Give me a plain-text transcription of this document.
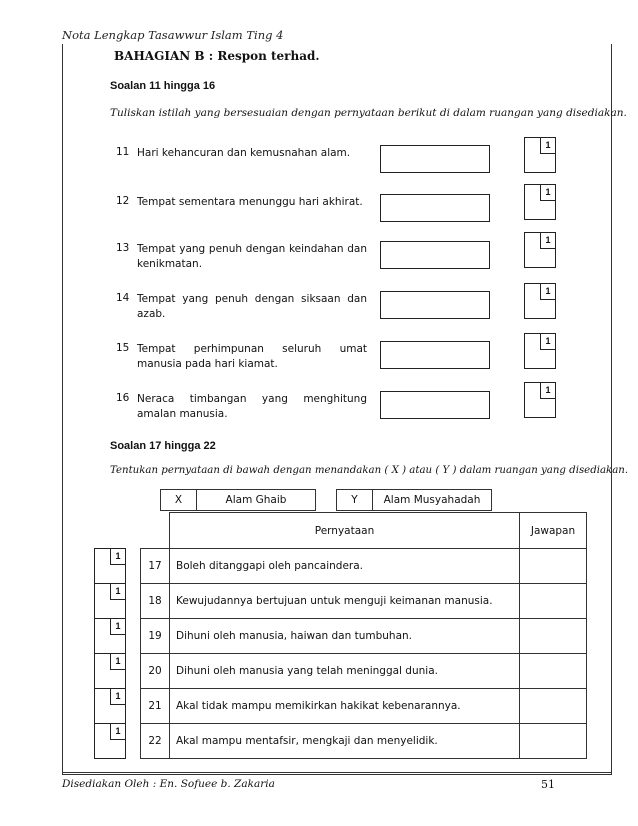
Nota Lengkap Tasawwur Islam Ting 4
BAHAGIAN B : Respon terhad.
Soalan 11 hingga 16
Tuliskan istilah yang bersesuaian dengan pernyataan berikut di dalam ruangan yang disediakan.
11 Hari kehancuran dan kemusnahan alam.
1
12 Tempat sementara menunggu hari akhirat.
1
13 Tempat yang penuh dengan keindahan dan kenikmatan.
1
14 Tempat yang penuh dengan siksaan dan azab.
1
15 Tempat perhimpunan seluruh umat manusia pada hari kiamat.
1
16 Neraca timbangan yang menghitung amalan manusia.
1
Soalan 17 hingga 22
Tentukan pernyataan di bawah dengan menandakan ( X ) atau ( Y ) dalam ruangan yang disediakan.
X	Alam Ghaib	Y	Alam Musyahadah
	Pernyataan	Jawapan
17	Boleh ditanggapi oleh pancaindera.	
18	Kewujudannya bertujuan untuk menguji keimanan manusia.	
19	Dihuni oleh manusia, haiwan dan tumbuhan.	
20	Dihuni oleh manusia yang telah meninggal dunia.	
21	Akal tidak mampu memikirkan hakikat kebenarannya.	
22	Akal mampu mentafsir, mengkaji dan menyelidik.	
1
1
1
1
1
1
Disediakan Oleh : En. Sofuee b. Zakaria	51
